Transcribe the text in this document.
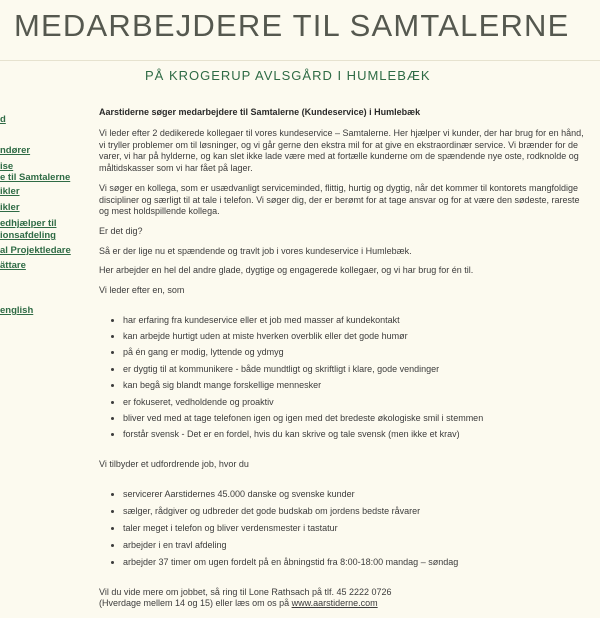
MEDARBEJDERE TIL SAMTALERNE
PÅ KROGERUP AVLSGÅRD I HUMLEBÆK
d
ndører
ise
e til Samtalerne
ikler
ikler
edhjælper til
ionsafdeling
al Projektledare
ättare
english

Aarstiderne søger medarbejdere til Samtalerne (Kundeservice) i Humlebæk

Vi leder efter 2 dedikerede kollegaer til vores kundeservice – Samtalerne. Her hjælper vi kunder, der har brug for en hånd, vi tryller problemer om til løsninger, og vi går gerne den ekstra mil for at give en ekstraordinær service. Vi brænder for de varer, vi har på hylderne, og kan slet ikke lade være med at fortælle kunderne om de spændende nye oste, rodknolde og måltidskasser som vi har fået på lager.

Vi søger en kollega, som er usædvanligt serviceminded, flittig, hurtig og dygtig, når det kommer til kontorets mangfoldige discipliner og særligt til at tale i telefon. Vi søger dig, der er berømt for at tage ansvar og for at være den sødeste, rareste og mest holdspillende kollega.

Er det dig?

Så er der lige nu et spændende og travlt job i vores kundeservice i Humlebæk.

Her arbejder en hel del andre glade, dygtige og engagerede kollegaer, og vi har brug for én til.

Vi leder efter en, som

• har erfaring fra kundeservice eller et job med masser af kundekontakt
• kan arbejde hurtigt uden at miste hverken overblik eller det gode humør
• på én gang er modig, lyttende og ydmyg
• er dygtig til at kommunikere - både mundtligt og skriftligt i klare, gode vendinger
• kan begå sig blandt mange forskellige mennesker
• er fokuseret, vedholdende og proaktiv
• bliver ved med at tage telefonen igen og igen med det bredeste økologiske smil i stemmen
• forstår svensk - Det er en fordel, hvis du kan skrive og tale svensk (men ikke et krav)

Vi tilbyder et udfordrende job, hvor du

• servicerer Aarstidernes 45.000 danske og svenske kunder
• sælger, rådgiver og udbreder det gode budskab om jordens bedste råvarer
• taler meget i telefon og bliver verdensmester i tastatur
• arbejder i en travl afdeling
• arbejder 37 timer om ugen fordelt på en åbningstid fra 8:00-18:00 mandag – søndag

Vil du vide mere om jobbet, så ring til Lone Rathsach på tlf. 45 2222 0726
(Hverdage mellem 14 og 15) eller læs om os på www.aarstiderne.com
